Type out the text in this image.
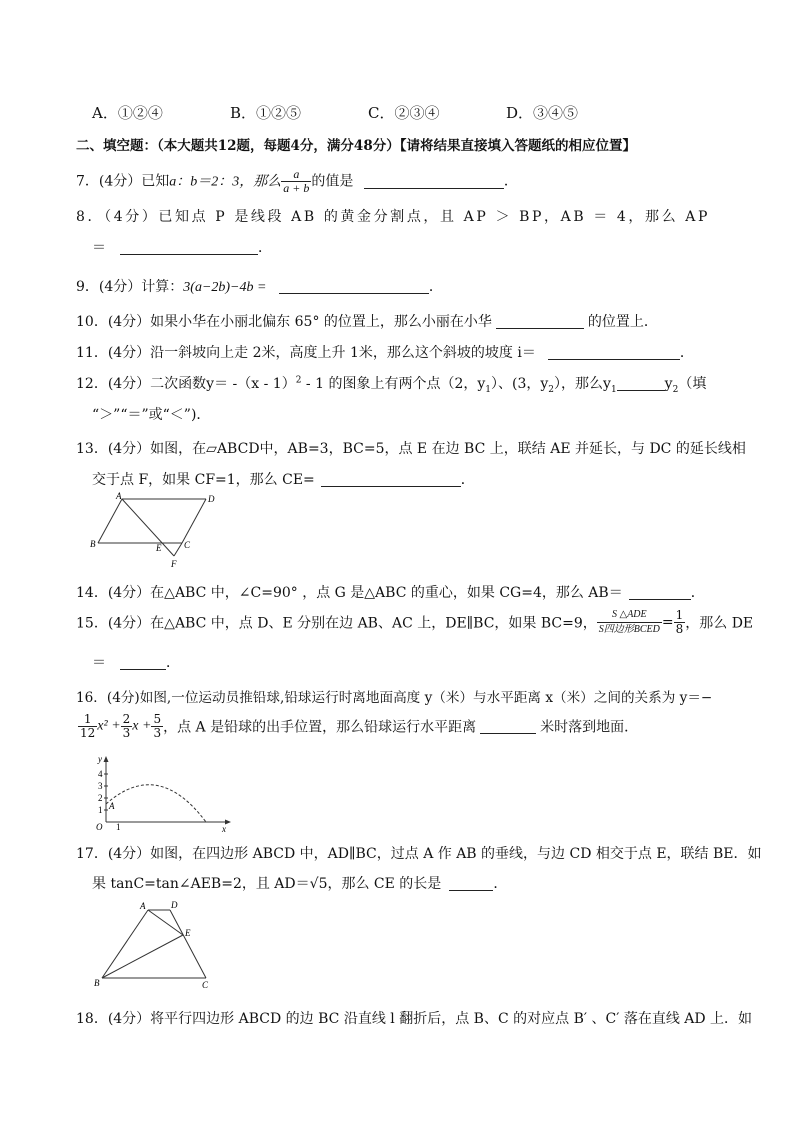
A．①②④	B．①②⑤	C．②③④	D．③④⑤
二、填空题：（本大题共12题，每题4分，满分48分）【请将结果直接填入答题纸的相应位置】
7．(4分）已知a：b＝2：3，那么 $\frac{a}{a + b}$ 的值是	．
8．（4分）已知点 P 是线段 AB 的黄金分割点，且 AP ＞ BP，AB ＝ 4，那么 AP
＝	．
9．(4分）计算：3(a−2b)−4b =	．
10．(4分）如果小华在小丽北偏东 65° 的位置上，那么小丽在小华	的位置上．
11．(4分）沿一斜坡向上走 2米，高度上升 1米，那么这个斜坡的坡度 i＝	．
12．(4分）二次函数y＝ -（x - 1）$^2$ - 1 的图象上有两个点（2，$y_1$）、(3，$y_2$），那么$y_1$	$y_2$（填
“＞”“＝”或“＜”)．
13．(4分）如图，在▱ABCD中，AB=3，BC=5，点 E 在边 BC 上，联结 AE 并延长，与 DC 的延长线相
交于点 F，如果 CF=1，那么 CE=	．
A	D
B	E	C
F
14．(4分）在△ABC 中，∠C=90° ，点 G 是△ABC 的重心，如果 CG=4，那么 AB＝	．
15．(4分）在△ABC 中，点 D、E 分别在边 AB、AC 上，DE∥BC，如果 BC=9， $\frac{\text{S △ADE}}{\text{S四边形BCED}} = \frac{1}{8}$ ，那么 DE
＝	．
16．(4分)如图,一位运动员推铅球,铅球运行时离地面高度 y（米）与水平距离 x（米）之间的关系为 y＝−
$\frac{1}{12} x^2 + \frac{2}{3}$ $x + \frac{5}{3}$ ，点 A 是铅球的出手位置，那么铅球运行水平距离	米时落到地面．
y
4
3
2
1 A
O 1	x
17．(4分）如图，在四边形 ABCD 中，AD∥BC，过点 A 作 AB 的垂线，与边 CD 相交于点 E，联结 BE．如
果 tanC=tan∠AEB=2，且 AD＝√5，那么 CE 的长是	．
A	D
E
B	C
18．(4分）将平行四边形 ABCD 的边 BC 沿直线 l 翻折后，点 B、C 的对应点 B′ 、C′ 落在直线 AD 上．如
